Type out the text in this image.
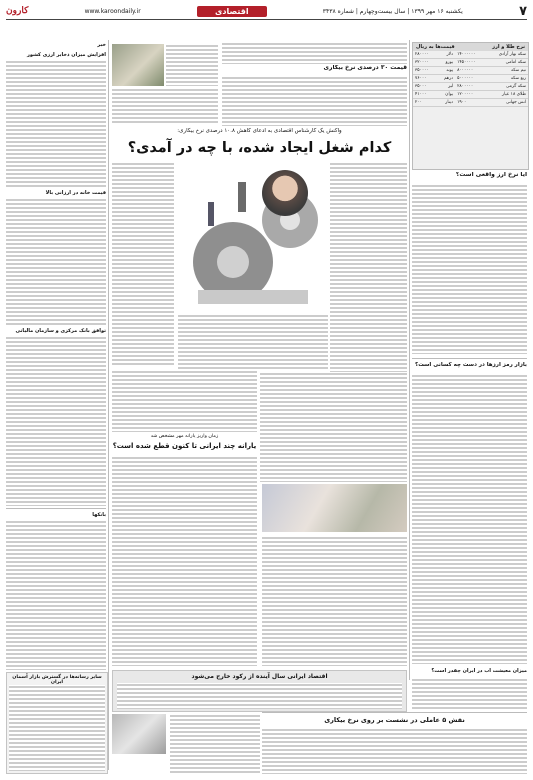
۷
یکشنبه ۱۶ مهر ۱۳۹۹ | سال بیست‌وچهارم | شماره ۳۴۳۸
اقتصادی
www.karoondaily.ir
کارون
نرخ طلا و ارز
قیمت‌ها به ریال
سکه بهار آزادی	۱۴۰۰۰۰۰۰	دلار	۲۸۰۰۰۰
سکه امامی	۱۴۵۰۰۰۰۰	یورو	۳۲۰۰۰۰
نیم سکه	۸۰۰۰۰۰۰	پوند	۳۵۰۰۰۰
ربع سکه	۵۰۰۰۰۰۰	درهم	۷۶۰۰۰
سکه گرمی	۲۸۰۰۰۰۰	لیر	۳۵۰۰۰
طلای ۱۸ عیار	۱۲۰۰۰۰۰	یوان	۴۱۰۰۰
انس جهانی	۱۹۰۰	دینار	۲۰۰
آیا نرخ ارز واقعی است؟
بازار رمز ارزها در دست چه کسانی است؟
قیمت ۳۰ درصدی نرخ بیکاری
واکنش یک کارشناس اقتصادی به ادعای کاهش ۱۰.۸ درصدی نرخ بیکاری:
کدام شغل ایجاد شده، با چه در آمدی؟
زمان واریز یارانه مهر مشخص شد
یارانه چند ایرانی تا کنون قطع شده است؟
اقتصاد ایرانی سال آینده از رکود خارج می‌شود
خبر
افزایش میزان ذخایر ارزی کشور
قیمت خانه در ارزانی بالا
توافق بانک مرکزی و سازمان مالیاتی
بانکها
سایر رسانه‌ها در گسترش بازار آسمان ایران
میزان معیشت آب در ایران چقدر است؟
نقش ۵ عاملی در نشست بر روی نرخ بیکاری
